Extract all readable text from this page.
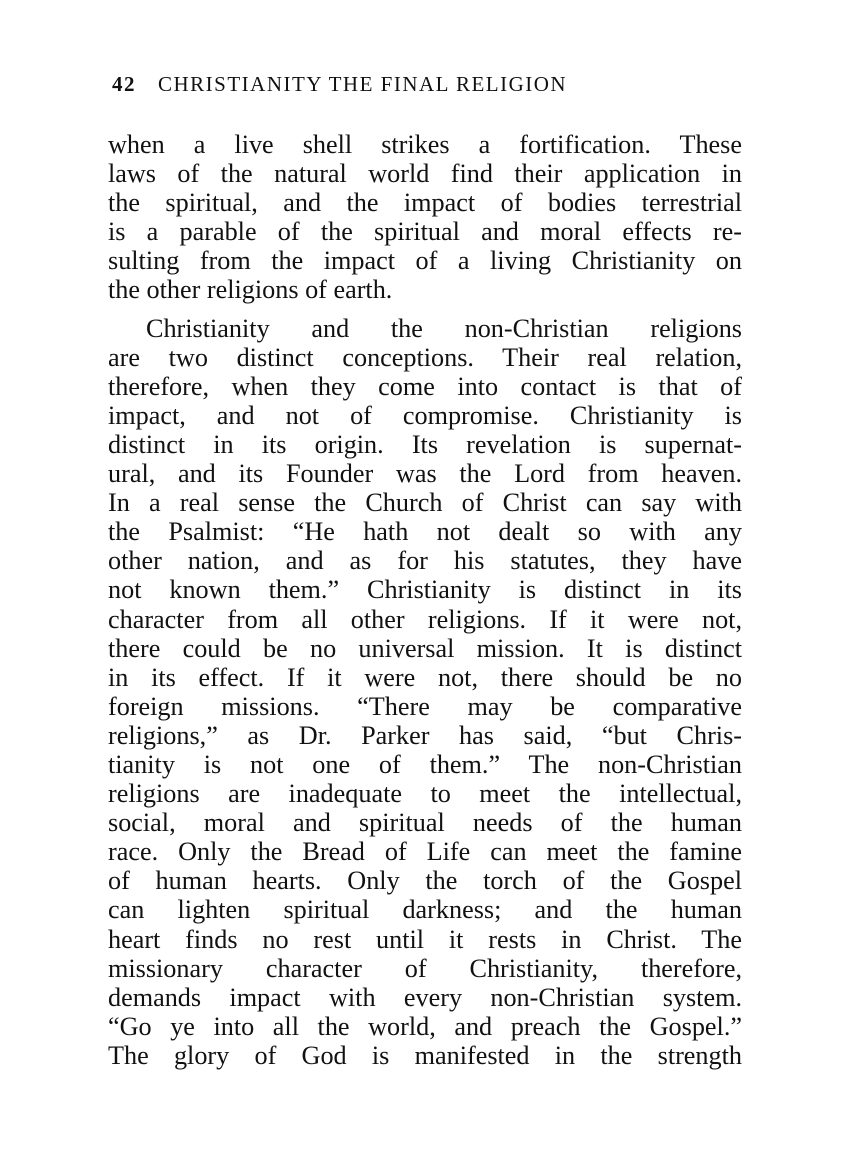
42 CHRISTIANITY THE FINAL RELIGION
when a live shell strikes a fortification. These
laws of the natural world find their application in
the spiritual, and the impact of bodies terrestrial
is a parable of the spiritual and moral effects re-
sulting from the impact of a living Christianity on
the other religions of earth.
Christianity and the non-Christian religions
are two distinct conceptions. Their real relation,
therefore, when they come into contact is that of
impact, and not of compromise. Christianity is
distinct in its origin. Its revelation is supernat-
ural, and its Founder was the Lord from heaven.
In a real sense the Church of Christ can say with
the Psalmist: “He hath not dealt so with any
other nation, and as for his statutes, they have
not known them.” Christianity is distinct in its
character from all other religions. If it were not,
there could be no universal mission. It is distinct
in its effect. If it were not, there should be no
foreign missions. “There may be comparative
religions,” as Dr. Parker has said, “but Chris-
tianity is not one of them.” The non-Christian
religions are inadequate to meet the intellectual,
social, moral and spiritual needs of the human
race. Only the Bread of Life can meet the famine
of human hearts. Only the torch of the Gospel
can lighten spiritual darkness; and the human
heart finds no rest until it rests in Christ. The
missionary character of Christianity, therefore,
demands impact with every non-Christian system.
“Go ye into all the world, and preach the Gospel.”
The glory of God is manifested in the strength
